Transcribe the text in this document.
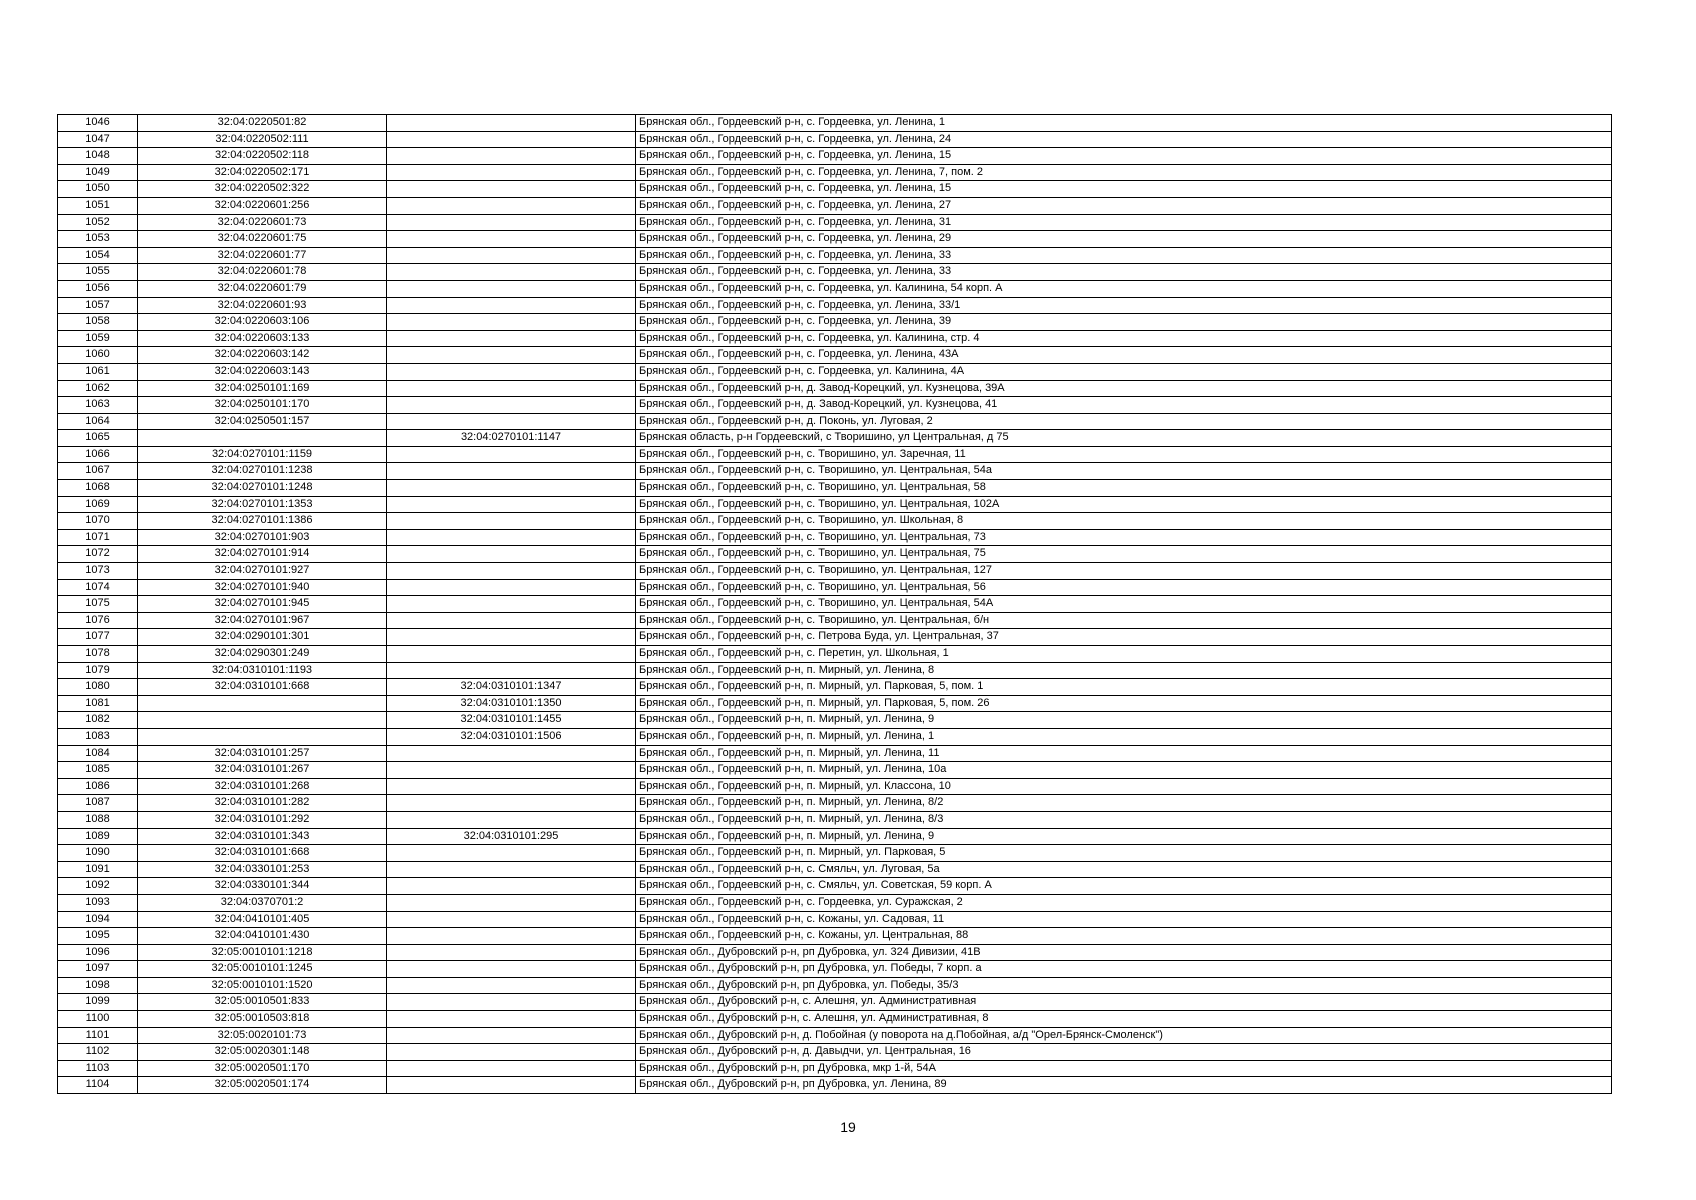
1046	32:04:0220501:82		Брянская обл., Гордеевский р-н, с. Гордеевка, ул. Ленина, 1
1047	32:04:0220502:111		Брянская обл., Гордеевский р-н, с. Гордеевка, ул. Ленина, 24
1048	32:04:0220502:118		Брянская обл., Гордеевский р-н, с. Гордеевка, ул. Ленина, 15
1049	32:04:0220502:171		Брянская обл., Гордеевский р-н, с. Гордеевка, ул. Ленина, 7, пом. 2
1050	32:04:0220502:322		Брянская обл., Гордеевский р-н, с. Гордеевка, ул. Ленина, 15
1051	32:04:0220601:256		Брянская обл., Гордеевский р-н, с. Гордеевка, ул. Ленина, 27
1052	32:04:0220601:73		Брянская обл., Гордеевский р-н, с. Гордеевка, ул. Ленина, 31
1053	32:04:0220601:75		Брянская обл., Гордеевский р-н, с. Гордеевка, ул. Ленина, 29
1054	32:04:0220601:77		Брянская обл., Гордеевский р-н, с. Гордеевка, ул. Ленина, 33
1055	32:04:0220601:78		Брянская обл., Гордеевский р-н, с. Гордеевка, ул. Ленина, 33
1056	32:04:0220601:79		Брянская обл., Гордеевский р-н, с. Гордеевка, ул. Калинина, 54 корп. А
1057	32:04:0220601:93		Брянская обл., Гордеевский р-н, с. Гордеевка, ул. Ленина, 33/1
1058	32:04:0220603:106		Брянская обл., Гордеевский р-н, с. Гордеевка, ул. Ленина, 39
1059	32:04:0220603:133		Брянская обл., Гордеевский р-н, с. Гордеевка, ул. Калинина, стр. 4
1060	32:04:0220603:142		Брянская обл., Гордеевский р-н, с. Гордеевка, ул. Ленина, 43А
1061	32:04:0220603:143		Брянская обл., Гордеевский р-н, с. Гордеевка, ул. Калинина, 4А
1062	32:04:0250101:169		Брянская обл., Гордеевский р-н, д. Завод-Корецкий, ул. Кузнецова, 39А
1063	32:04:0250101:170		Брянская обл., Гордеевский р-н, д. Завод-Корецкий, ул. Кузнецова, 41
1064	32:04:0250501:157		Брянская обл., Гордеевский р-н, д. Поконь, ул. Луговая, 2
1065		32:04:0270101:1147	Брянская область, р-н Гордеевский, с Творишино, ул Центральная, д 75
1066	32:04:0270101:1159		Брянская обл., Гордеевский р-н, с. Творишино, ул. Заречная, 11
1067	32:04:0270101:1238		Брянская обл., Гордеевский р-н, с. Творишино, ул. Центральная, 54а
1068	32:04:0270101:1248		Брянская обл., Гордеевский р-н, с. Творишино, ул. Центральная, 58
1069	32:04:0270101:1353		Брянская обл., Гордеевский р-н, с. Творишино, ул. Центральная, 102А
1070	32:04:0270101:1386		Брянская обл., Гордеевский р-н, с. Творишино, ул. Школьная, 8
1071	32:04:0270101:903		Брянская обл., Гордеевский р-н, с. Творишино, ул. Центральная, 73
1072	32:04:0270101:914		Брянская обл., Гордеевский р-н, с. Творишино, ул. Центральная, 75
1073	32:04:0270101:927		Брянская обл., Гордеевский р-н, с. Творишино, ул. Центральная, 127
1074	32:04:0270101:940		Брянская обл., Гордеевский р-н, с. Творишино, ул. Центральная, 56
1075	32:04:0270101:945		Брянская обл., Гордеевский р-н, с. Творишино, ул. Центральная, 54А
1076	32:04:0270101:967		Брянская обл., Гордеевский р-н, с. Творишино, ул. Центральная, б/н
1077	32:04:0290101:301		Брянская обл., Гордеевский р-н, с. Петрова Буда, ул. Центральная, 37
1078	32:04:0290301:249		Брянская обл., Гордеевский р-н, с. Перетин, ул. Школьная, 1
1079	32:04:0310101:1193		Брянская обл., Гордеевский р-н, п. Мирный, ул. Ленина, 8
1080	32:04:0310101:668	32:04:0310101:1347	Брянская обл., Гордеевский р-н, п. Мирный, ул. Парковая, 5, пом. 1
1081		32:04:0310101:1350	Брянская обл., Гордеевский р-н, п. Мирный, ул. Парковая, 5, пом. 26
1082		32:04:0310101:1455	Брянская обл., Гордеевский р-н, п. Мирный, ул. Ленина, 9
1083		32:04:0310101:1506	Брянская обл., Гордеевский р-н, п. Мирный, ул. Ленина, 1
1084	32:04:0310101:257		Брянская обл., Гордеевский р-н, п. Мирный, ул. Ленина, 11
1085	32:04:0310101:267		Брянская обл., Гордеевский р-н, п. Мирный, ул. Ленина, 10а
1086	32:04:0310101:268		Брянская обл., Гордеевский р-н, п. Мирный, ул. Классона, 10
1087	32:04:0310101:282		Брянская обл., Гордеевский р-н, п. Мирный, ул. Ленина, 8/2
1088	32:04:0310101:292		Брянская обл., Гордеевский р-н, п. Мирный, ул. Ленина, 8/3
1089	32:04:0310101:343	32:04:0310101:295	Брянская обл., Гордеевский р-н, п. Мирный, ул. Ленина, 9
1090	32:04:0310101:668		Брянская обл., Гордеевский р-н, п. Мирный, ул. Парковая, 5
1091	32:04:0330101:253		Брянская обл., Гордеевский р-н, с. Смяльч, ул. Луговая, 5а
1092	32:04:0330101:344		Брянская обл., Гордеевский р-н, с. Смяльч, ул. Советская, 59 корп. А
1093	32:04:0370701:2		Брянская обл., Гордеевский р-н, с. Гордеевка, ул. Суражская, 2
1094	32:04:0410101:405		Брянская обл., Гордеевский р-н, с. Кожаны, ул. Садовая, 11
1095	32:04:0410101:430		Брянская обл., Гордеевский р-н, с. Кожаны, ул. Центральная, 88
1096	32:05:0010101:1218		Брянская обл., Дубровский р-н, рп Дубровка, ул. 324 Дивизии, 41В
1097	32:05:0010101:1245		Брянская обл., Дубровский р-н, рп Дубровка, ул. Победы, 7 корп. а
1098	32:05:0010101:1520		Брянская обл., Дубровский р-н, рп Дубровка, ул. Победы, 35/3
1099	32:05:0010501:833		Брянская обл., Дубровский р-н, с. Алешня, ул. Административная
1100	32:05:0010503:818		Брянская обл., Дубровский р-н, с. Алешня, ул. Административная, 8
1101	32:05:0020101:73		Брянская обл., Дубровский р-н, д. Побойная (у поворота на д.Побойная, а/д "Орел-Брянск-Смоленск")
1102	32:05:0020301:148		Брянская обл., Дубровский р-н, д. Давыдчи, ул. Центральная, 16
1103	32:05:0020501:170		Брянская обл., Дубровский р-н, рп Дубровка, мкр 1-й, 54А
1104	32:05:0020501:174		Брянская обл., Дубровский р-н, рп Дубровка, ул. Ленина, 89
19
